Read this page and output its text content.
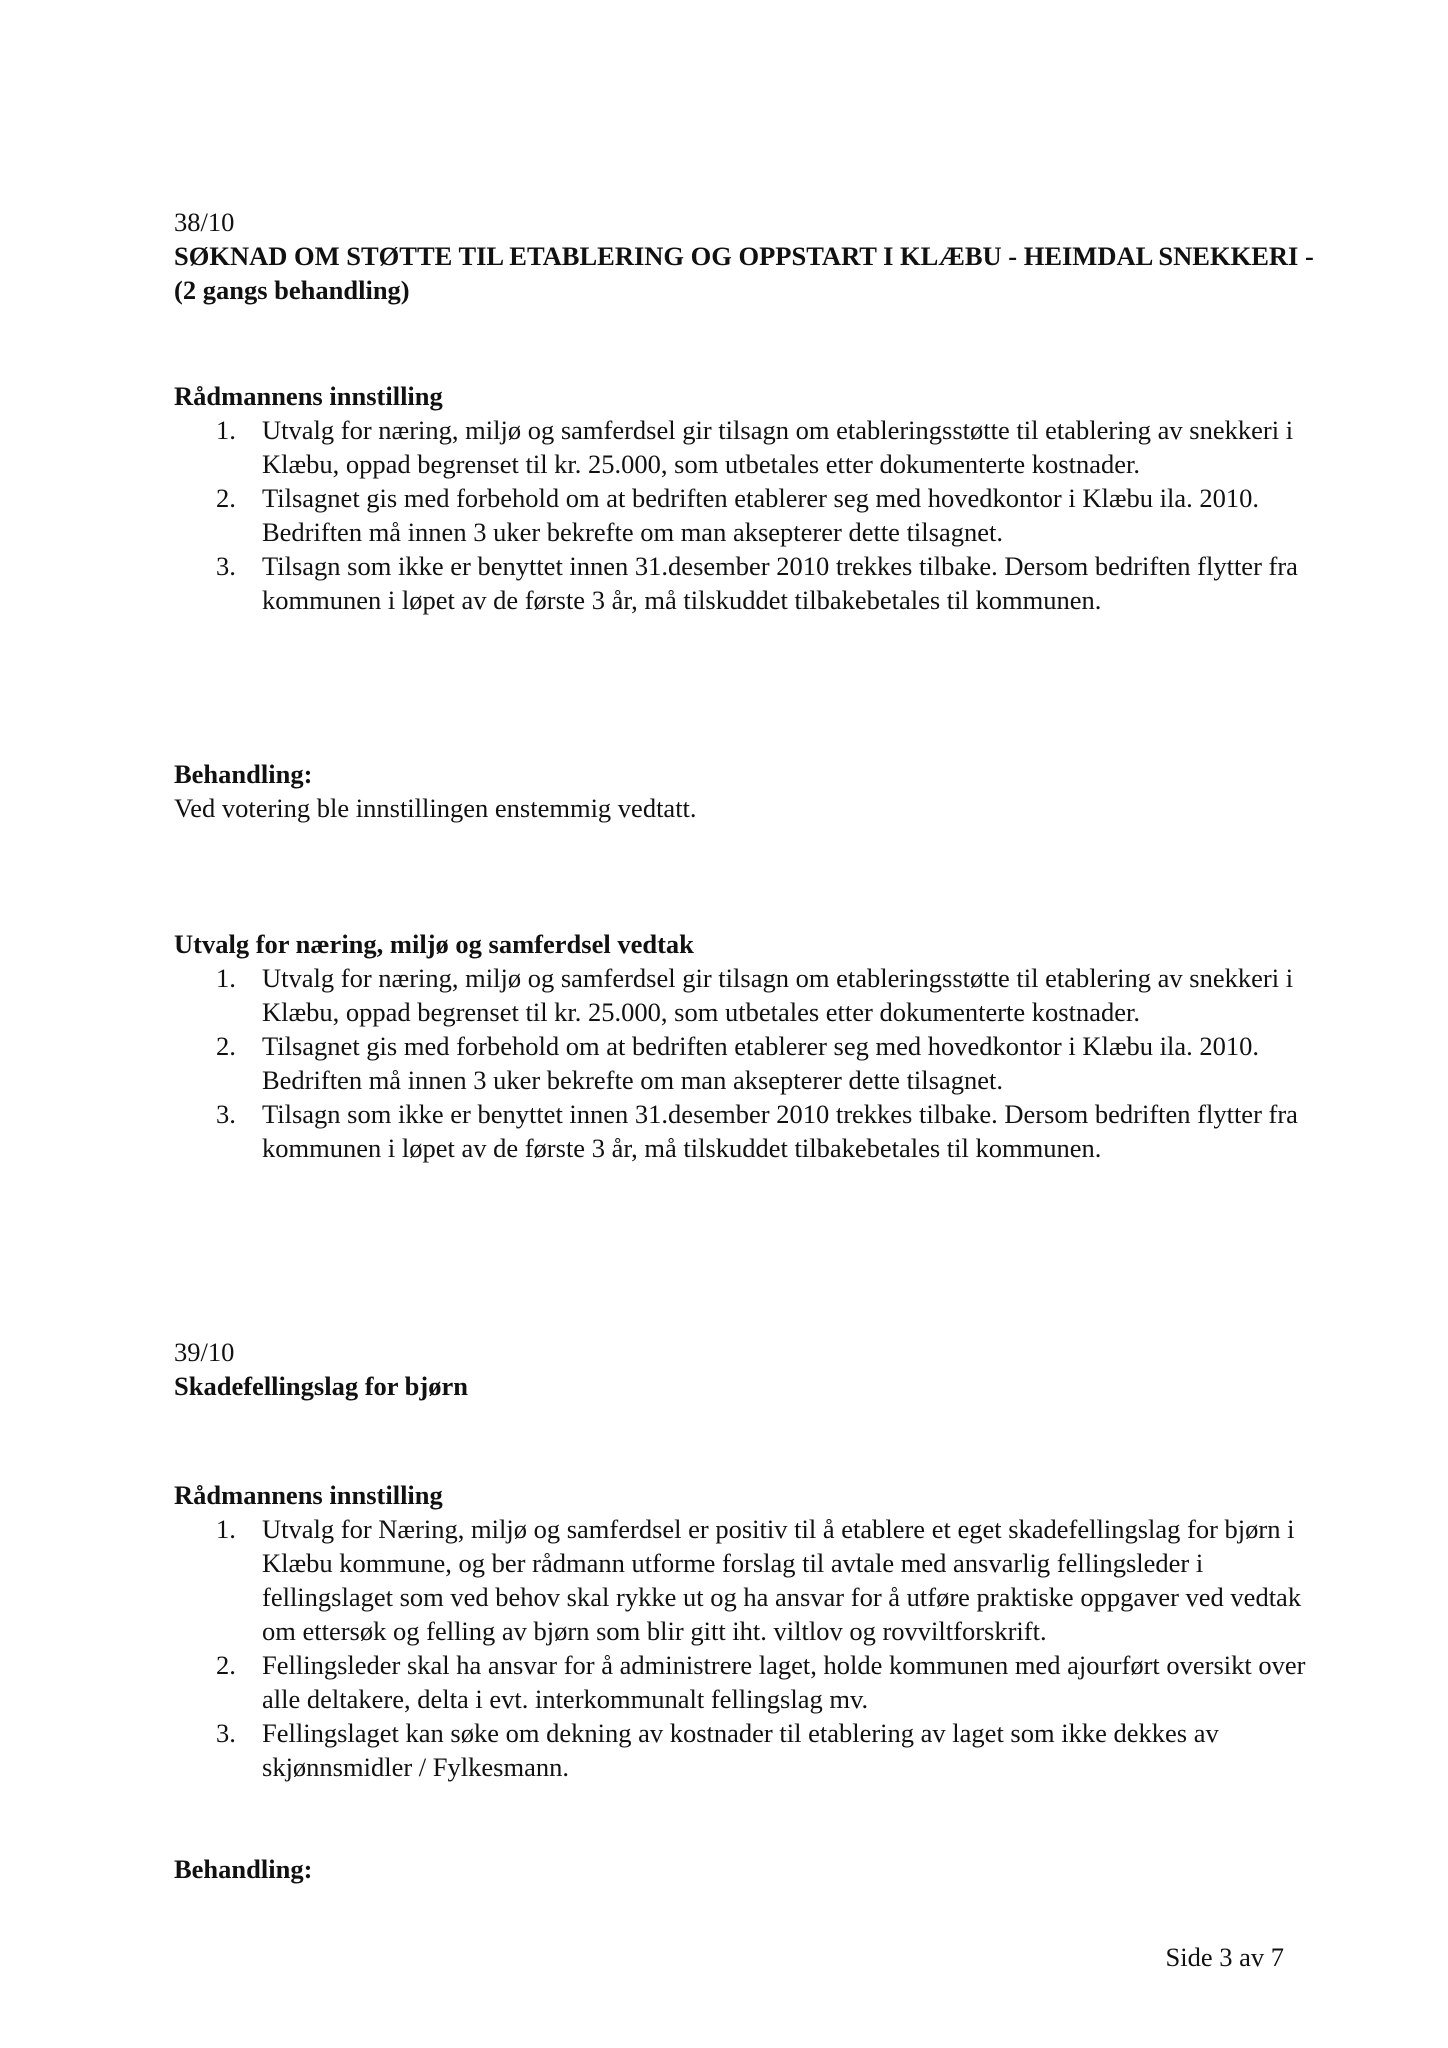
38/10

SØKNAD OM STØTTE TIL ETABLERING OG OPPSTART I KLÆBU - HEIMDAL SNEKKERI - (2 gangs behandling)

Rådmannens innstilling

1. Utvalg for næring, miljø og samferdsel gir tilsagn om etableringsstøtte til etablering av snekkeri i Klæbu, oppad begrenset til kr. 25.000, som utbetales etter dokumenterte kostnader.
2. Tilsagnet gis med forbehold om at bedriften etablerer seg med hovedkontor i Klæbu ila. 2010. Bedriften må innen 3 uker bekrefte om man aksepterer dette tilsagnet.
3. Tilsagn som ikke er benyttet innen 31.desember 2010 trekkes tilbake. Dersom bedriften flytter fra kommunen i løpet av de første 3 år, må tilskuddet tilbakebetales til kommunen.

Behandling:

Ved votering ble innstillingen enstemmig vedtatt.

Utvalg for næring, miljø og samferdsel vedtak

1. Utvalg for næring, miljø og samferdsel gir tilsagn om etableringsstøtte til etablering av snekkeri i Klæbu, oppad begrenset til kr. 25.000, som utbetales etter dokumenterte kostnader.
2. Tilsagnet gis med forbehold om at bedriften etablerer seg med hovedkontor i Klæbu ila. 2010. Bedriften må innen 3 uker bekrefte om man aksepterer dette tilsagnet.
3. Tilsagn som ikke er benyttet innen 31.desember 2010 trekkes tilbake. Dersom bedriften flytter fra kommunen i løpet av de første 3 år, må tilskuddet tilbakebetales til kommunen.

39/10

Skadefellingslag for bjørn

Rådmannens innstilling

1. Utvalg for Næring, miljø og samferdsel er positiv til å etablere et eget skadefellingslag for bjørn i Klæbu kommune, og ber rådmann utforme forslag til avtale med ansvarlig fellingsleder i fellingslaget som ved behov skal rykke ut og ha ansvar for å utføre praktiske oppgaver ved vedtak om ettersøk og felling av bjørn som blir gitt iht. viltlov og rovviltforskrift.
2. Fellingsleder skal ha ansvar for å administrere laget, holde kommunen med ajourført oversikt over alle deltakere, delta i evt. interkommunalt fellingslag mv.
3. Fellingslaget kan søke om dekning av kostnader til etablering av laget som ikke dekkes av skjønnsmidler / Fylkesmann.

Behandling:

Side 3 av 7
